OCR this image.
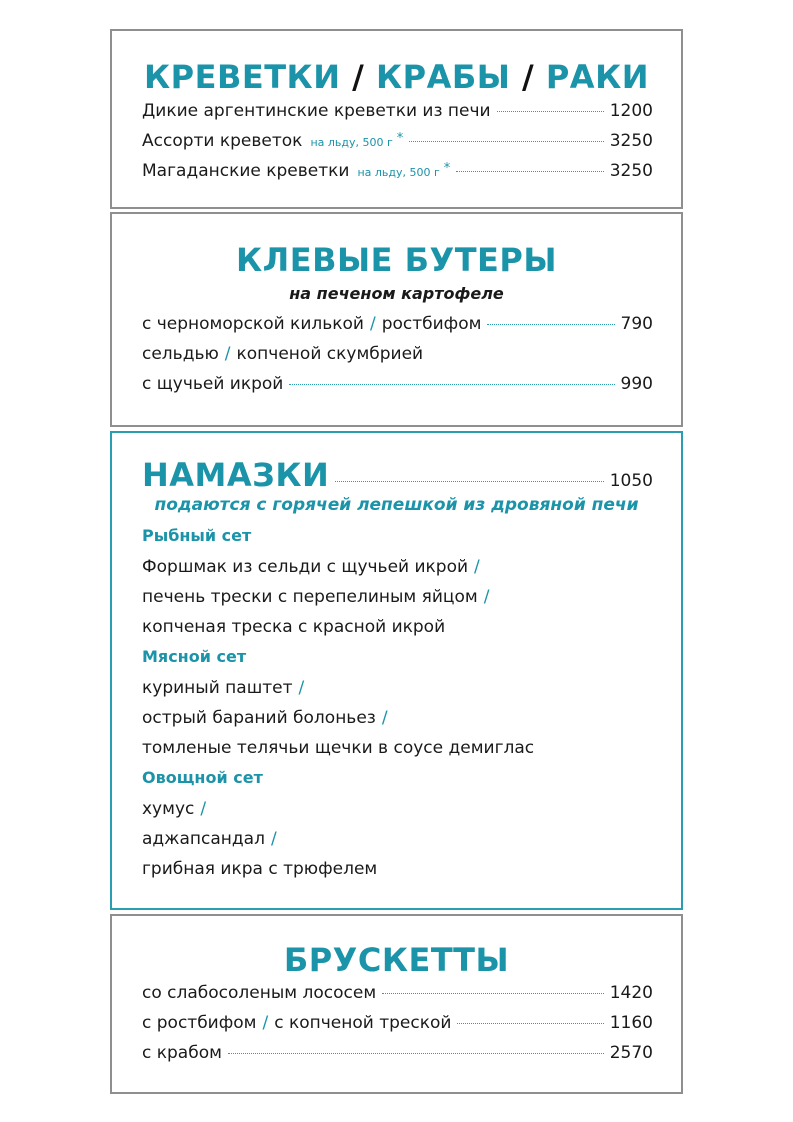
КРЕВЕТКИ / КРАБЫ / РАКИ
Дикие аргентинские креветки из печи	1200
Ассорти креветок на льду, 500 г *	3250
Магаданские креветки на льду, 500 г *	3250
КЛЕВЫЕ БУТЕРЫ
на печеном картофеле
с черноморской килькой / ростбифом	790
сельдью / копченой скумбрией
с щучьей икрой	990
НАМАЗКИ	1050
подаются с горячей лепешкой из дровяной печи
Рыбный сет
Форшмак из сельди с щучьей икрой /
печень трески с перепелиным яйцом /
копченая треска с красной икрой
Мясной сет
куриный паштет /
острый бараний болоньез /
томленые телячьи щечки в соусе демиглас
Овощной сет
хумус /
аджапсандал /
грибная икра с трюфелем
БРУСКЕТТЫ
со слабосоленым лососем	1420
с ростбифом / с копченой треской	1160
с крабом	2570
